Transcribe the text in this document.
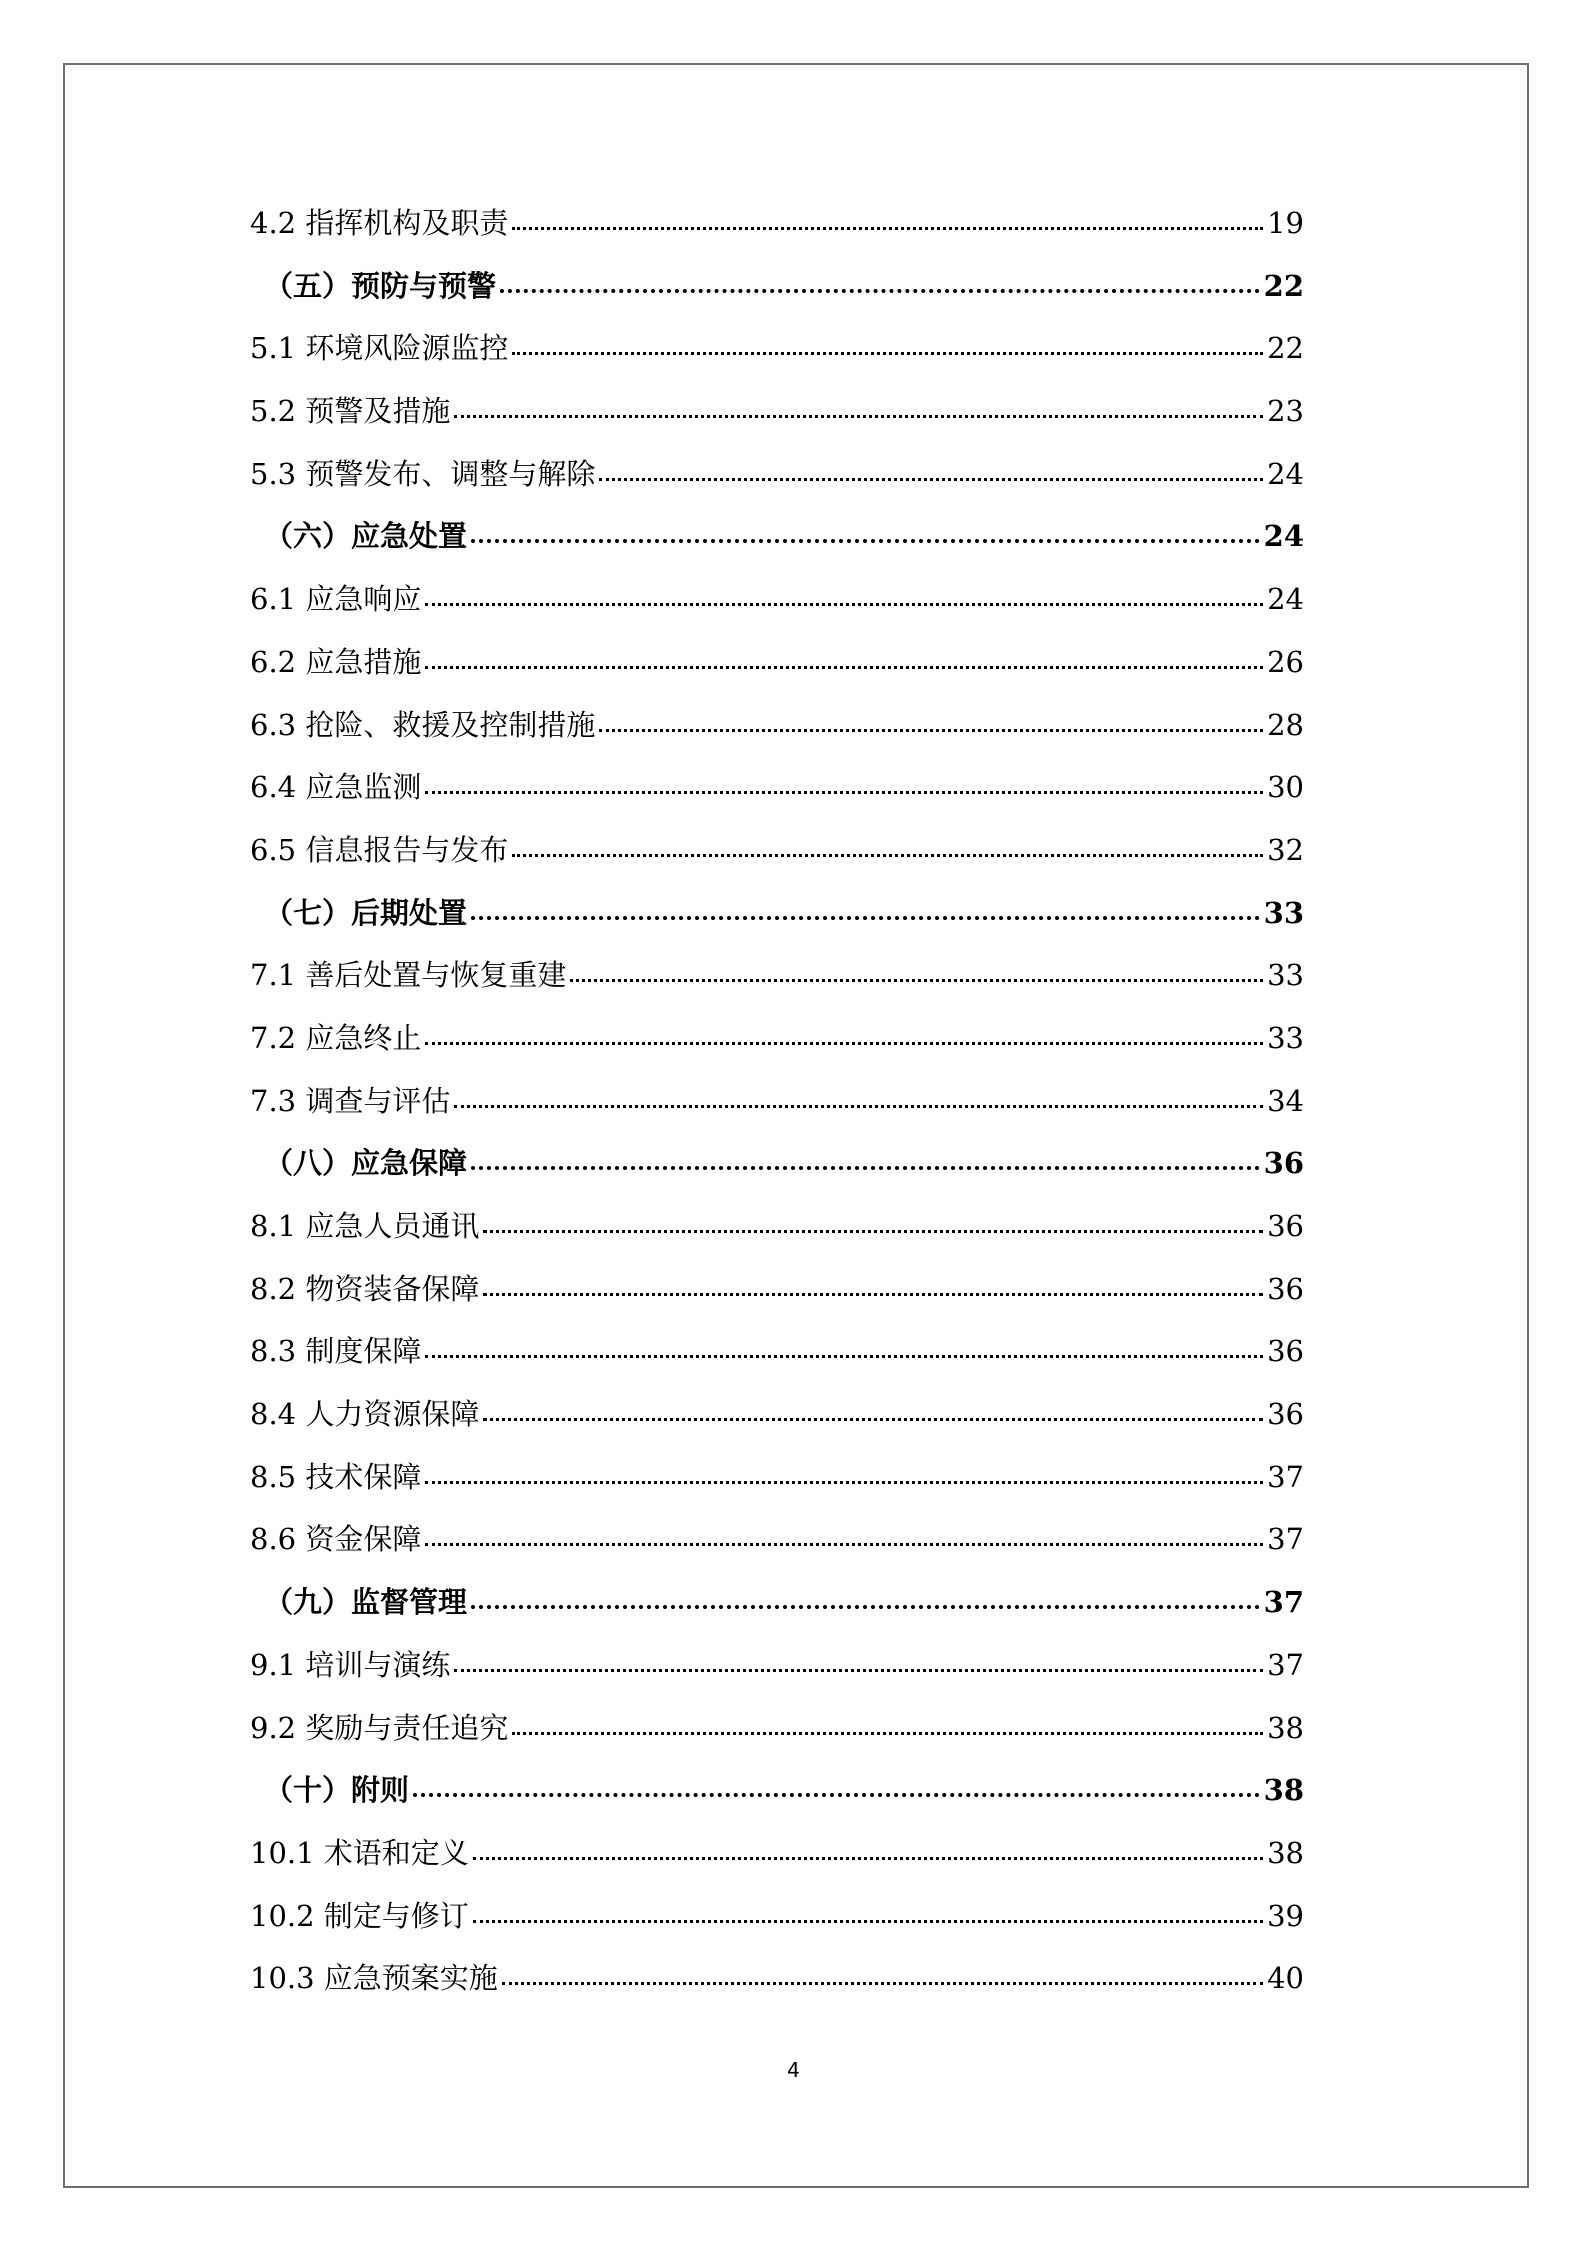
4.2 指挥机构及职责	19
（五）预防与预警	22
5.1 环境风险源监控	22
5.2 预警及措施	23
5.3 预警发布、调整与解除	24
（六）应急处置	24
6.1 应急响应	24
6.2 应急措施	26
6.3 抢险、救援及控制措施	28
6.4 应急监测	30
6.5 信息报告与发布	32
（七）后期处置	33
7.1 善后处置与恢复重建	33
7.2 应急终止	33
7.3 调查与评估	34
（八）应急保障	36
8.1 应急人员通讯	36
8.2 物资装备保障	36
8.3 制度保障	36
8.4 人力资源保障	36
8.5 技术保障	37
8.6 资金保障	37
（九）监督管理	37
9.1 培训与演练	37
9.2 奖励与责任追究	38
（十）附则	38
10.1 术语和定义	38
10.2 制定与修订	39
10.3 应急预案实施	40
4
